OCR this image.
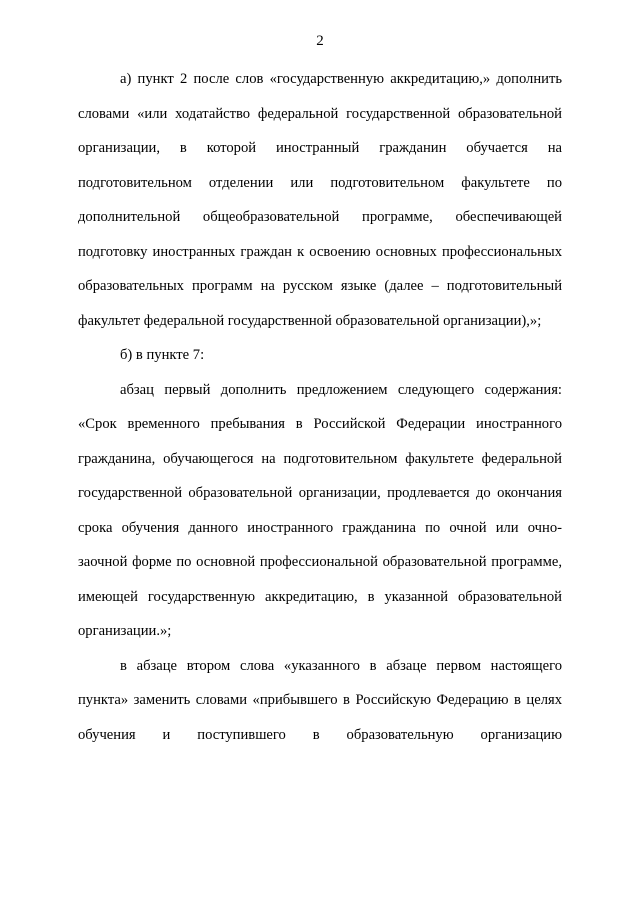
2

а) пункт 2 после слов «государственную аккредитацию,» дополнить словами «или ходатайство федеральной государственной образовательной организации, в которой иностранный гражданин обучается на подготовительном отделении или подготовительном факультете по дополнительной общеобразовательной программе, обеспечивающей подготовку иностранных граждан к освоению основных профессиональных образовательных программ на русском языке (далее – подготовительный факультет федеральной государственной образовательной организации),»;

б) в пункте 7:

абзац первый дополнить предложением следующего содержания: «Срок временного пребывания в Российской Федерации иностранного гражданина, обучающегося на подготовительном факультете федеральной государственной образовательной организации, продлевается до окончания срока обучения данного иностранного гражданина по очной или очно-заочной форме по основной профессиональной образовательной программе, имеющей государственную аккредитацию, в указанной образовательной организации.»;

в абзаце втором слова «указанного в абзаце первом настоящего пункта» заменить словами «прибывшего в Российскую Федерацию в целях обучения и поступившего в образовательную организацию
